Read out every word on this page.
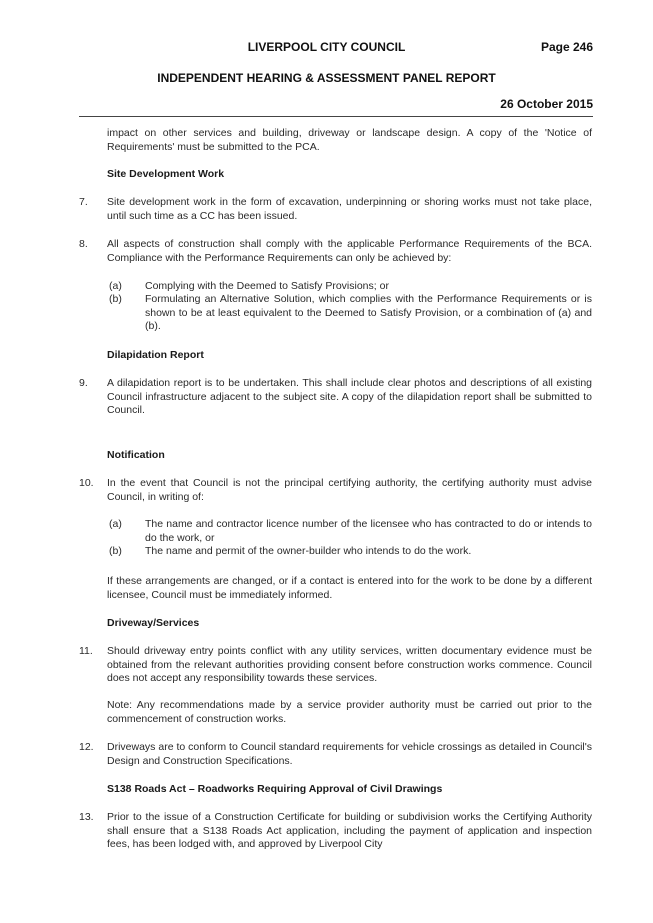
LIVERPOOL CITY COUNCIL	Page 246
INDEPENDENT HEARING & ASSESSMENT PANEL REPORT
26 October 2015
impact on other services and building, driveway or landscape design. A copy of the 'Notice of Requirements' must be submitted to the PCA.
Site Development Work
7. Site development work in the form of excavation, underpinning or shoring works must not take place, until such time as a CC has been issued.
8. All aspects of construction shall comply with the applicable Performance Requirements of the BCA. Compliance with the Performance Requirements can only be achieved by:
(a) Complying with the Deemed to Satisfy Provisions; or
(b) Formulating an Alternative Solution, which complies with the Performance Requirements or is shown to be at least equivalent to the Deemed to Satisfy Provision, or a combination of (a) and (b).
Dilapidation Report
9. A dilapidation report is to be undertaken. This shall include clear photos and descriptions of all existing Council infrastructure adjacent to the subject site. A copy of the dilapidation report shall be submitted to Council.
Notification
10. In the event that Council is not the principal certifying authority, the certifying authority must advise Council, in writing of:
(a) The name and contractor licence number of the licensee who has contracted to do or intends to do the work, or
(b) The name and permit of the owner-builder who intends to do the work.
If these arrangements are changed, or if a contact is entered into for the work to be done by a different licensee, Council must be immediately informed.
Driveway/Services
11. Should driveway entry points conflict with any utility services, written documentary evidence must be obtained from the relevant authorities providing consent before construction works commence. Council does not accept any responsibility towards these services.
Note: Any recommendations made by a service provider authority must be carried out prior to the commencement of construction works.
12. Driveways are to conform to Council standard requirements for vehicle crossings as detailed in Council's Design and Construction Specifications.
S138 Roads Act – Roadworks Requiring Approval of Civil Drawings
13. Prior to the issue of a Construction Certificate for building or subdivision works the Certifying Authority shall ensure that a S138 Roads Act application, including the payment of application and inspection fees, has been lodged with, and approved by Liverpool City
